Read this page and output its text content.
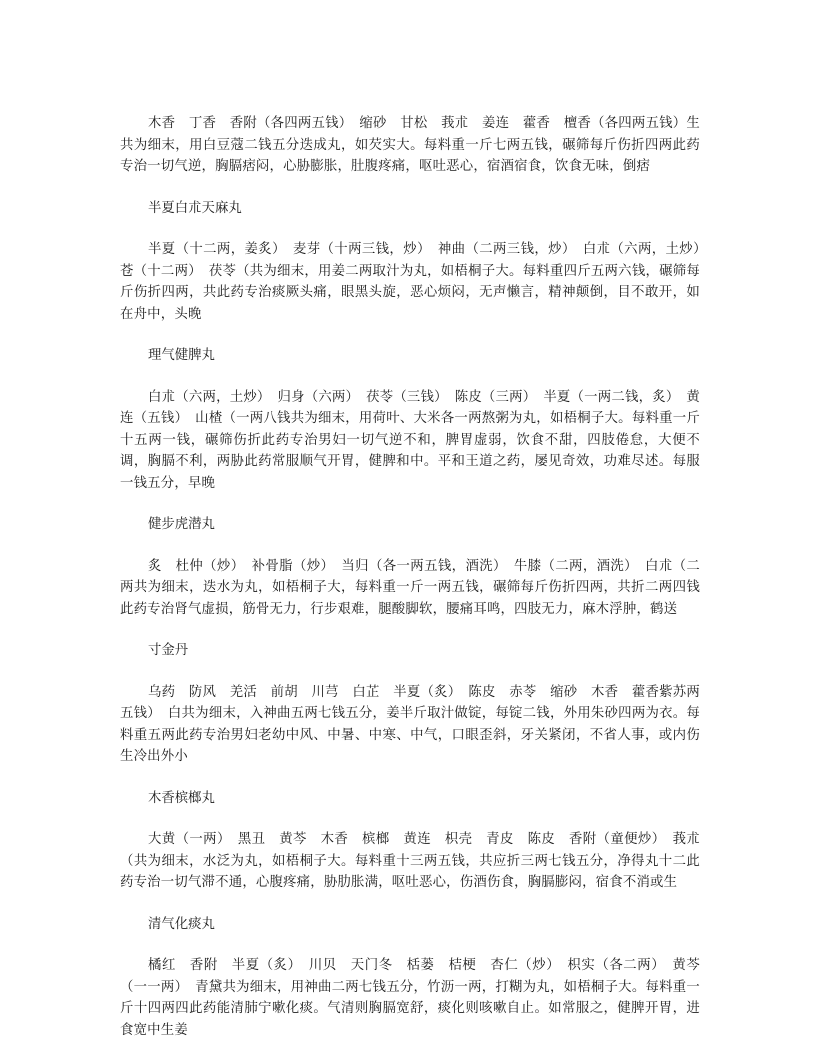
木香　丁香　香附（各四两五钱）　缩砂　甘松　莪朮　姜连　藿香　檀香（各四两五钱）生共为细末，用白豆蔻二钱五分迭成丸，如芡实大。每料重一斤七两五钱，碾筛每斤伤折四两此药专治一切气逆，胸膈痞闷，心胁膨胀，肚腹疼痛，呕吐恶心，宿酒宿食，饮食无味，倒痞

半夏白朮天麻丸

半夏（十二两，姜炙）　麦芽（十两三钱，炒）　神曲（二两三钱，炒）　白朮（六两，土炒）　苍（十二两）　茯苓（共为细末，用姜二两取汁为丸，如梧桐子大。每料重四斤五两六钱，碾筛每斤伤折四两，共此药专治痰厥头痛，眼黑头旋，恶心烦闷，无声懒言，精神颠倒，目不敢开，如在舟中，头晚

理气健脾丸

白朮（六两，土炒）　归身（六两）　茯苓（三钱）　陈皮（三两）　半夏（一两二钱，炙）　黄连（五钱）　山楂（一两八钱共为细末，用荷叶、大米各一两熬粥为丸，如梧桐子大。每料重一斤十五两一钱，碾筛伤折此药专治男妇一切气逆不和，脾胃虚弱，饮食不甜，四肢倦怠，大便不调，胸膈不利，两胁此药常服顺气开胃，健脾和中。平和王道之药，屡见奇效，功难尽述。每服一钱五分，早晚

健步虎潜丸

炙　杜仲（炒）　补骨脂（炒）　当归（各一两五钱，酒洗）　牛膝（二两，酒洗）　白朮（二两共为细末，迭水为丸，如梧桐子大，每料重一斤一两五钱，碾筛每斤伤折四两，共折二两四钱此药专治肾气虚损，筋骨无力，行步艰难，腿酸脚软，腰痛耳鸣，四肢无力，麻木浮肿，鹤送

寸金丹

乌药　防风　羌活　前胡　川芎　白芷　半夏（炙）　陈皮　赤苓　缩砂　木香　藿香紫苏两五钱）　白共为细末，入神曲五两七钱五分，姜半斤取汁做锭，每锭二钱，外用朱砂四两为衣。每料重五两此药专治男妇老幼中风、中暑、中寒、中气，口眼歪斜，牙关紧闭，不省人事，或内伤生冷出外小

木香槟榔丸

大黄（一两）　黑丑　黄芩　木香　槟榔　黄连　枳壳　青皮　陈皮　香附（童便炒）　莪朮（共为细末，水泛为丸，如梧桐子大。每料重十三两五钱，共应折三两七钱五分，净得丸十二此药专治一切气滞不通，心腹疼痛，胁肋胀满，呕吐恶心，伤酒伤食，胸膈膨闷，宿食不消或生

清气化痰丸

橘红　香附　半夏（炙）　川贝　天门冬　栝蒌　桔梗　杏仁（炒）　枳实（各二两）　黄芩（一一两）　青黛共为细末，用神曲二两七钱五分，竹沥一两，打糊为丸，如梧桐子大。每料重一斤十四两四此药能清肺宁嗽化痰。气清则胸膈宽舒，痰化则咳嗽自止。如常服之，健脾开胃，进食宽中生姜
